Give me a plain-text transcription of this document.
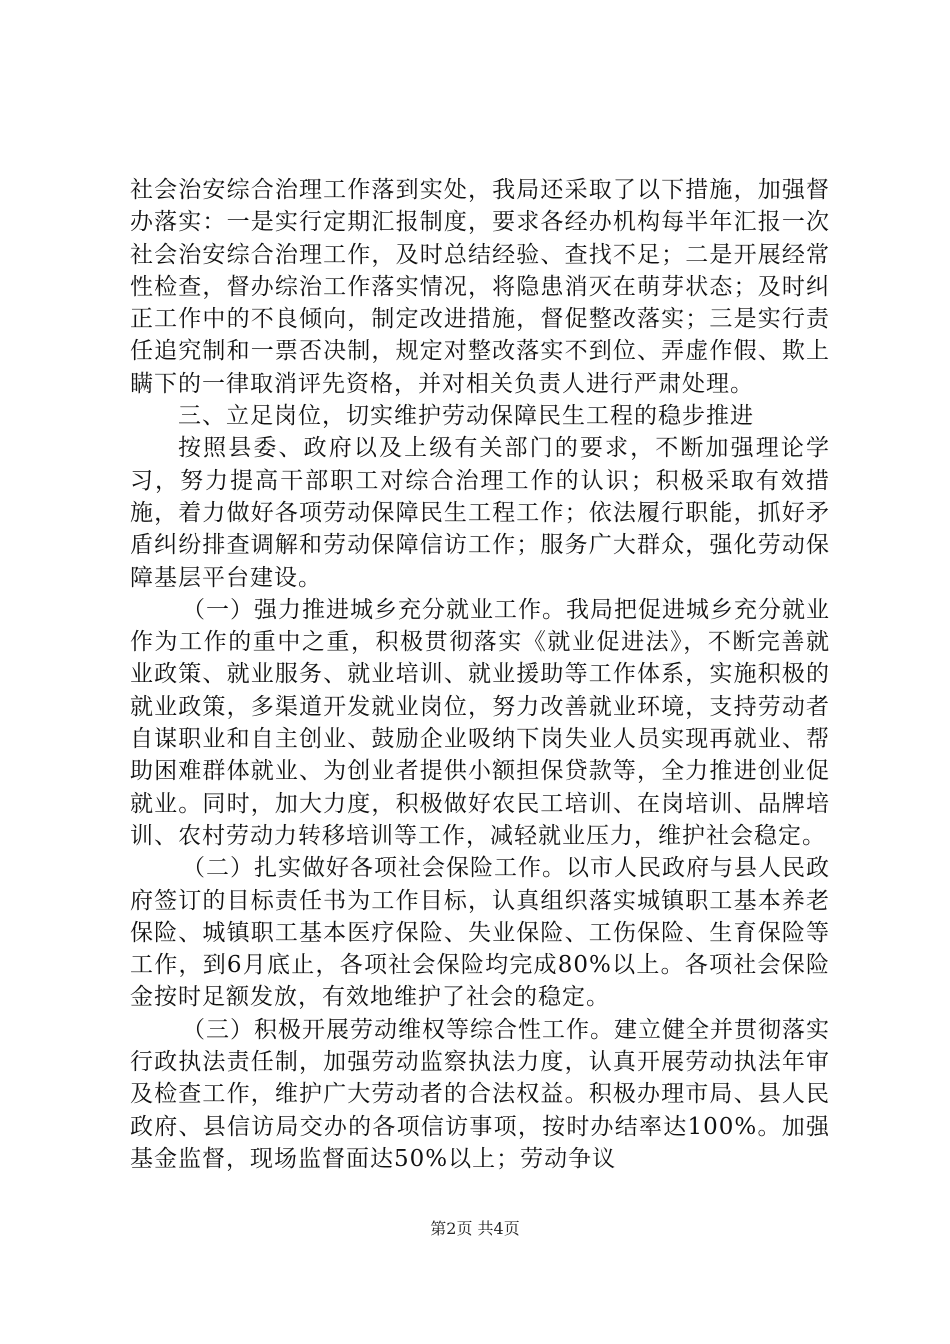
社会治安综合治理工作落到实处，我局还采取了以下措施，加强督办落实：一是实行定期汇报制度，要求各经办机构每半年汇报一次社会治安综合治理工作，及时总结经验、查找不足；二是开展经常性检查，督办综治工作落实情况，将隐患消灭在萌芽状态；及时纠正工作中的不良倾向，制定改进措施，督促整改落实；三是实行责任追究制和一票否决制，规定对整改落实不到位、弄虚作假、欺上瞒下的一律取消评先资格，并对相关负责人进行严肃处理。

三、立足岗位，切实维护劳动保障民生工程的稳步推进

按照县委、政府以及上级有关部门的要求，不断加强理论学习，努力提高干部职工对综合治理工作的认识；积极采取有效措施，着力做好各项劳动保障民生工程工作；依法履行职能，抓好矛盾纠纷排查调解和劳动保障信访工作；服务广大群众，强化劳动保障基层平台建设。

（一）强力推进城乡充分就业工作。我局把促进城乡充分就业作为工作的重中之重，积极贯彻落实《就业促进法》，不断完善就业政策、就业服务、就业培训、就业援助等工作体系，实施积极的就业政策，多渠道开发就业岗位，努力改善就业环境，支持劳动者自谋职业和自主创业、鼓励企业吸纳下岗失业人员实现再就业、帮助困难群体就业、为创业者提供小额担保贷款等，全力推进创业促就业。同时，加大力度，积极做好农民工培训、在岗培训、品牌培训、农村劳动力转移培训等工作，减轻就业压力，维护社会稳定。

（二）扎实做好各项社会保险工作。以市人民政府与县人民政府签订的目标责任书为工作目标，认真组织落实城镇职工基本养老保险、城镇职工基本医疗保险、失业保险、工伤保险、生育保险等工作，到6月底止，各项社会保险均完成80%以上。各项社会保险金按时足额发放，有效地维护了社会的稳定。

（三）积极开展劳动维权等综合性工作。建立健全并贯彻落实行政执法责任制，加强劳动监察执法力度，认真开展劳动执法年审及检查工作，维护广大劳动者的合法权益。积极办理市局、县人民政府、县信访局交办的各项信访事项，按时办结率达100%。加强基金监督，现场监督面达50%以上；劳动争议

第2页 共4页
